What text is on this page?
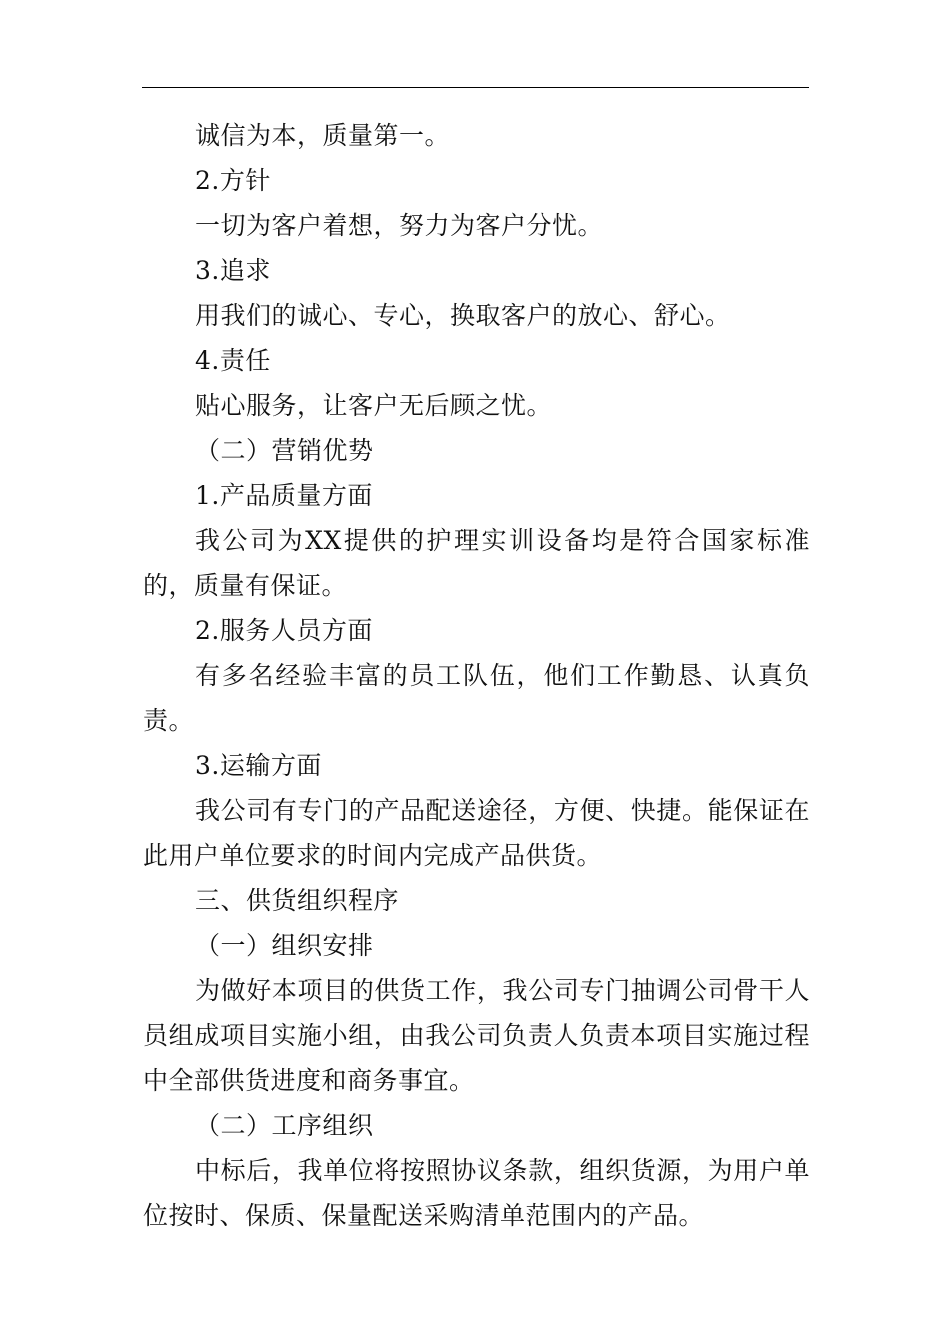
诚信为本，质量第一。

2.方针

一切为客户着想，努力为客户分忧。

3.追求

用我们的诚心、专心，换取客户的放心、舒心。

4.责任

贴心服务，让客户无后顾之忧。

（二）营销优势

1.产品质量方面

我公司为XX提供的护理实训设备均是符合国家标准的，质量有保证。

2.服务人员方面

有多名经验丰富的员工队伍，他们工作勤恳、认真负责。

3.运输方面

我公司有专门的产品配送途径，方便、快捷。能保证在此用户单位要求的时间内完成产品供货。

三、供货组织程序

（一）组织安排

为做好本项目的供货工作，我公司专门抽调公司骨干人员组成项目实施小组，由我公司负责人负责本项目实施过程中全部供货进度和商务事宜。

（二）工序组织

中标后，我单位将按照协议条款，组织货源，为用户单位按时、保质、保量配送采购清单范围内的产品。
